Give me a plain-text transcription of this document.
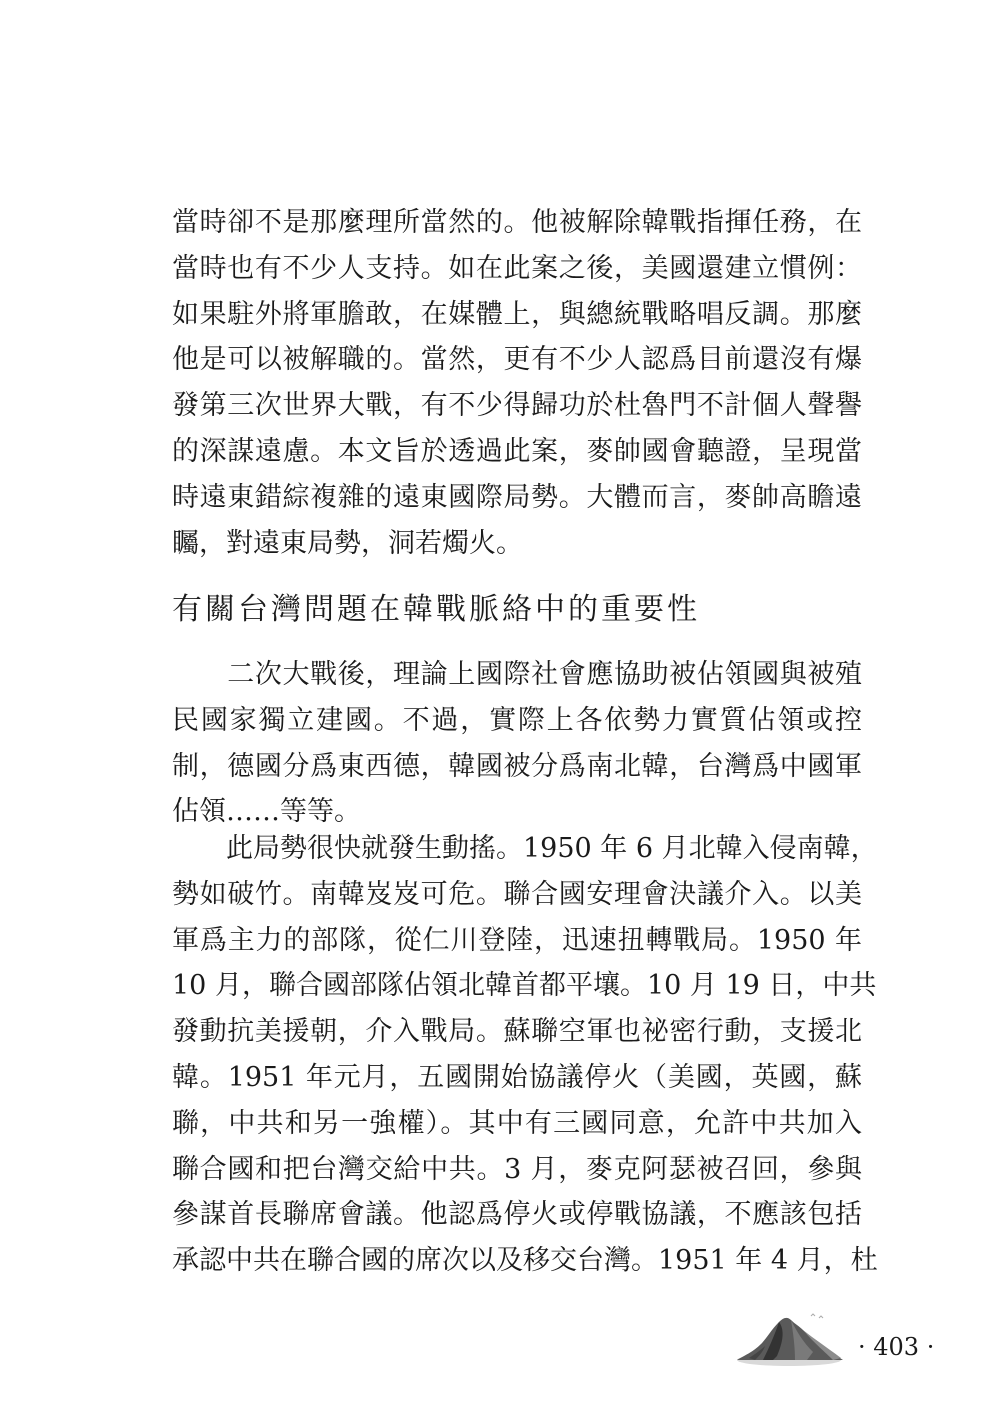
當時卻不是那麼理所當然的。他被解除韓戰指揮任務，在
當時也有不少人支持。如在此案之後，美國還建立慣例：
如果駐外將軍膽敢，在媒體上，與總統戰略唱反調。那麼
他是可以被解職的。當然，更有不少人認爲目前還沒有爆
發第三次世界大戰，有不少得歸功於杜魯門不計個人聲譽
的深謀遠慮。本文旨於透過此案，麥帥國會聽證，呈現當
時遠東錯綜複雜的遠東國際局勢。大體而言，麥帥高瞻遠
矚，對遠東局勢，洞若燭火。
有關台灣問題在韓戰脈絡中的重要性
　　二次大戰後，理論上國際社會應協助被佔領國與被殖
民國家獨立建國。不過，實際上各依勢力實質佔領或控
制，德國分爲東西德，韓國被分爲南北韓，台灣爲中國軍
佔領……等等。
　　此局勢很快就發生動搖。1950 年 6 月北韓入侵南韓，
勢如破竹。南韓岌岌可危。聯合國安理會決議介入。以美
軍爲主力的部隊，從仁川登陸，迅速扭轉戰局。1950 年
10 月，聯合國部隊佔領北韓首都平壤。10 月 19 日，中共
發動抗美援朝，介入戰局。蘇聯空軍也祕密行動，支援北
韓。1951 年元月，五國開始協議停火（美國，英國，蘇
聯，中共和另一強權）。其中有三國同意，允許中共加入
聯合國和把台灣交給中共。3 月，麥克阿瑟被召回，參與
參謀首長聯席會議。他認爲停火或停戰協議，不應該包括
承認中共在聯合國的席次以及移交台灣。1951 年 4 月，杜
· 403 ·
